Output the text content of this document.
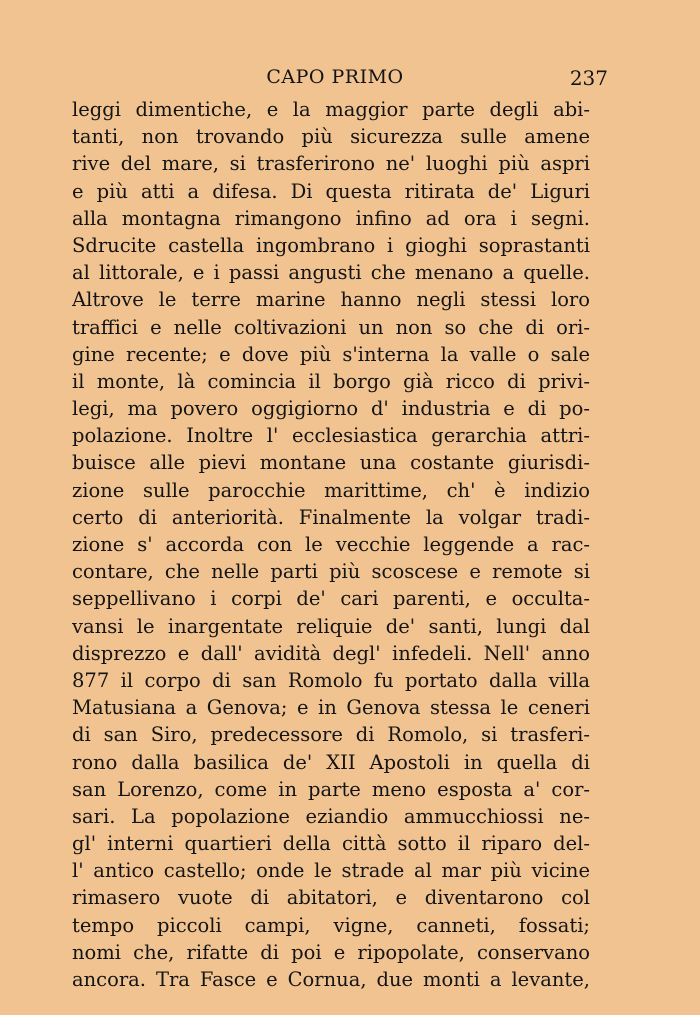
CAPO PRIMO	237
leggi dimentiche, e la maggior parte degli abi-
tanti, non trovando più sicurezza sulle amene
rive del mare, si trasferirono ne' luoghi più aspri
e più atti a difesa. Di questa ritirata de' Liguri
alla montagna rimangono infino ad ora i segni.
Sdrucite castella ingombrano i gioghi soprastanti
al littorale, e i passi angusti che menano a quelle.
Altrove le terre marine hanno negli stessi loro
traffici e nelle coltivazioni un non so che di ori-
gine recente; e dove più s'interna la valle o sale
il monte, là comincia il borgo già ricco di privi-
legi, ma povero oggigiorno d' industria e di po-
polazione. Inoltre l' ecclesiastica gerarchia attri-
buisce alle pievi montane una costante giurisdi-
zione sulle parocchie marittime, ch' è indizio
certo di anteriorità. Finalmente la volgar tradi-
zione s' accorda con le vecchie leggende a rac-
contare, che nelle parti più scoscese e remote si
seppellivano i corpi de' cari parenti, e occulta-
vansi le inargentate reliquie de' santi, lungi dal
disprezzo e dall' avidità degl' infedeli. Nell' anno
877 il corpo di san Romolo fu portato dalla villa
Matusiana a Genova; e in Genova stessa le ceneri
di san Siro, predecessore di Romolo, si trasferi-
rono dalla basilica de' XII Apostoli in quella di
san Lorenzo, come in parte meno esposta a' cor-
sari. La popolazione eziandio ammucchiossi ne-
gl' interni quartieri della città sotto il riparo del-
l' antico castello; onde le strade al mar più vicine
rimasero vuote di abitatori, e diventarono col
tempo piccoli campi, vigne, canneti, fossati;
nomi che, rifatte di poi e ripopolate, conservano
ancora. Tra Fasce e Cornua, due monti a levante,
